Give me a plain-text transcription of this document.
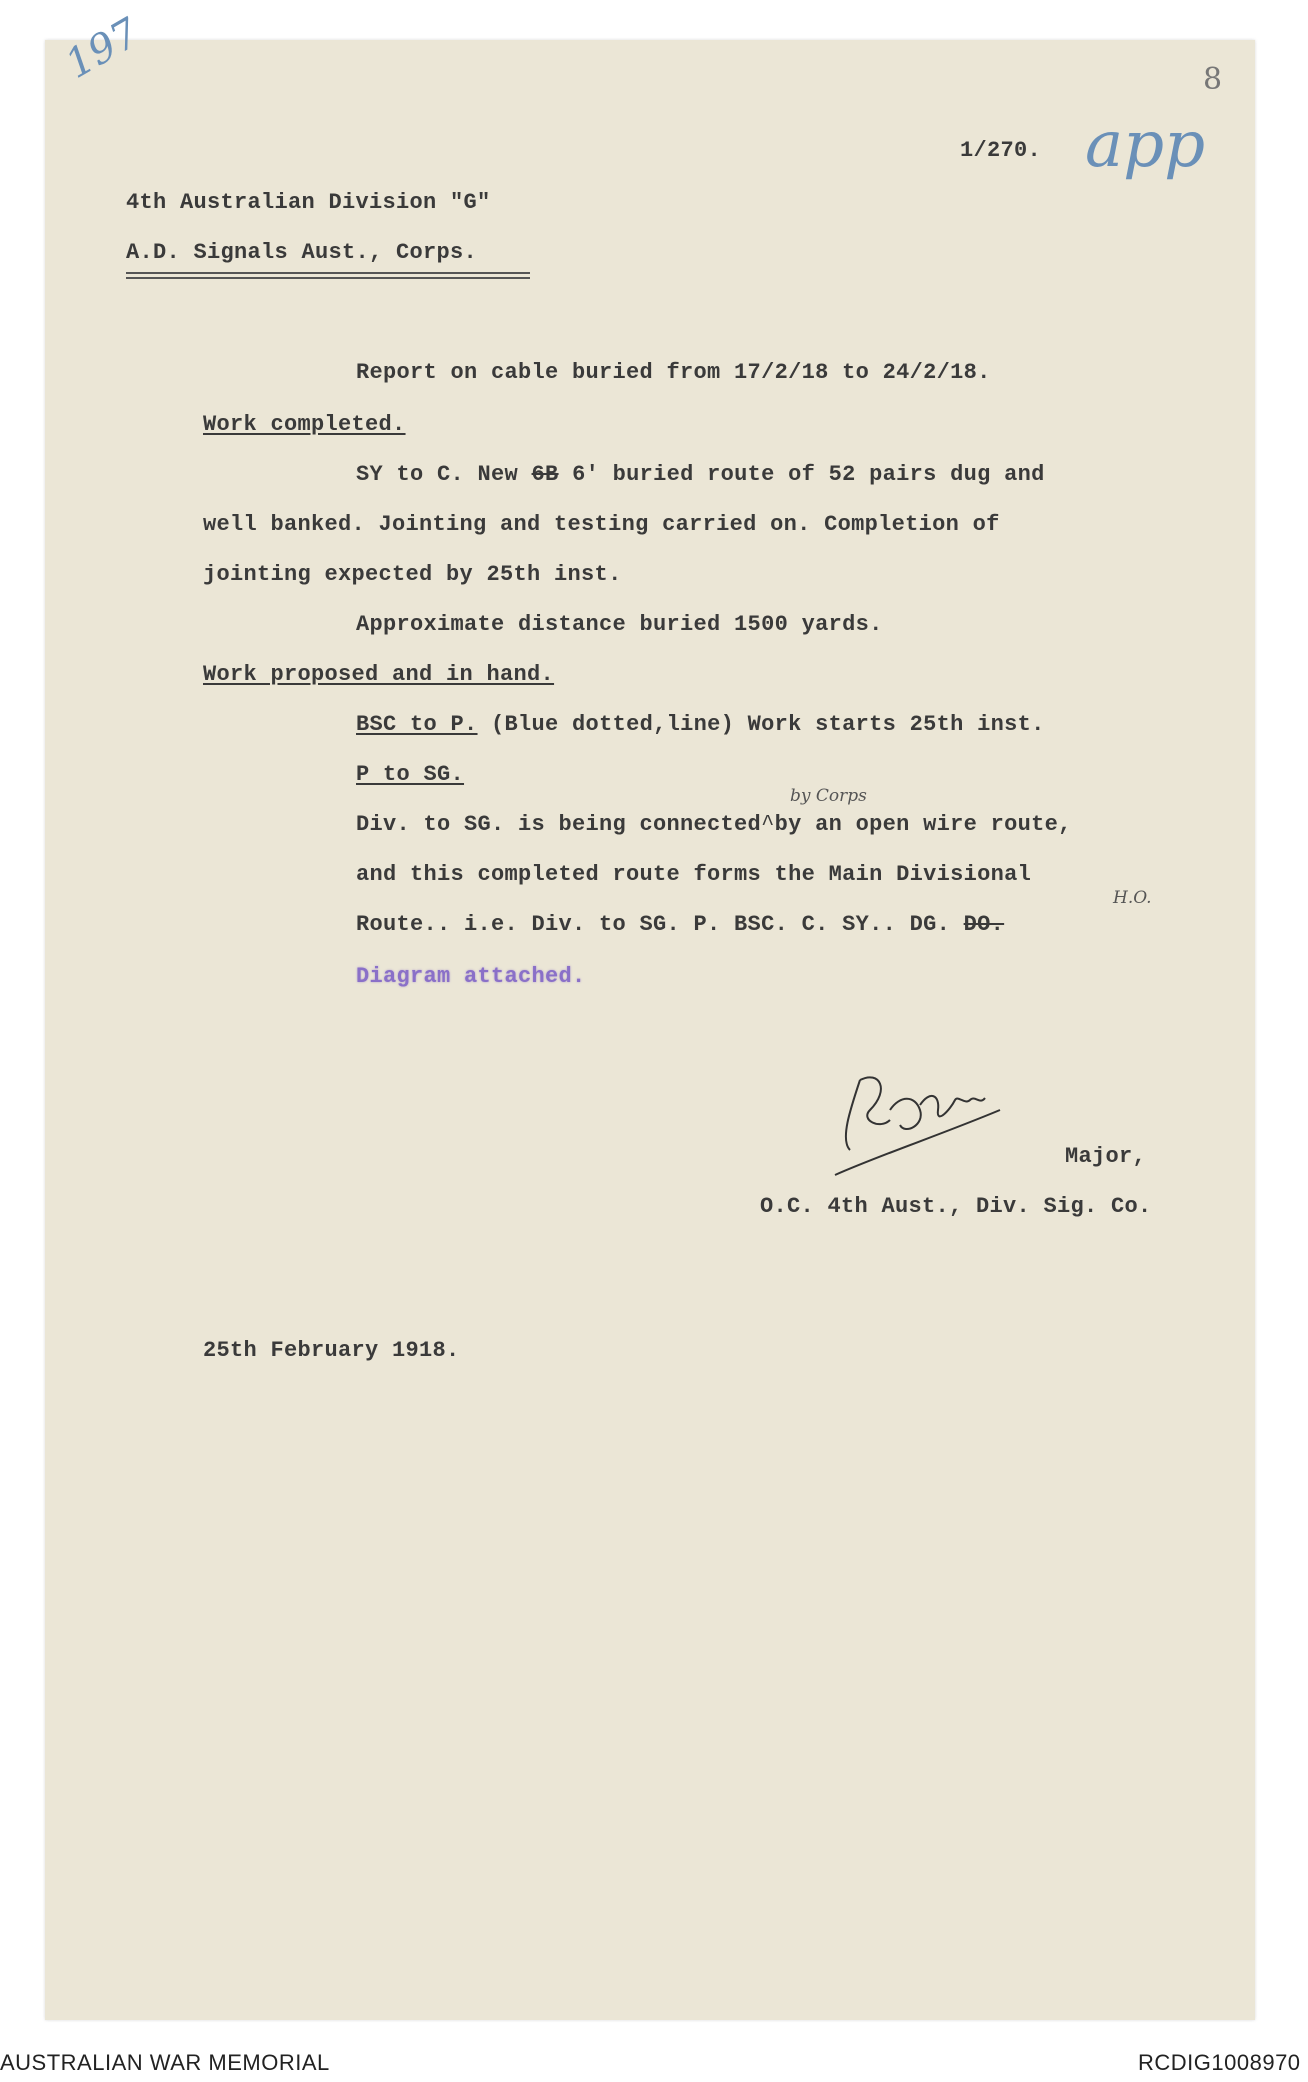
197	8
app
1/270.
4th Australian Division "G"
A.D. Signals Aust., Corps.
Report on cable buried from 17/2/18 to 24/2/18.
Work completed.
SY to C. New 6B 6' buried route of 52 pairs dug and
well banked. Jointing and testing carried on. Completion of
jointing expected by 25th inst.
Approximate distance buried 1500 yards.
Work proposed and in hand.
BSC to P. (Blue dotted,line) Work starts 25th inst.
P to SG.
by Corps
Div. to SG. is being connected^by an open wire route,
and this completed route forms the Main Divisional
H.O.
Route.. i.e. Div. to SG. P. BSC. C. SY.. DG. DO.
Diagram attached.
Major,
O.C. 4th Aust., Div. Sig. Co.
25th February 1918.
AUSTRALIAN WAR MEMORIAL	RCDIG1008970
